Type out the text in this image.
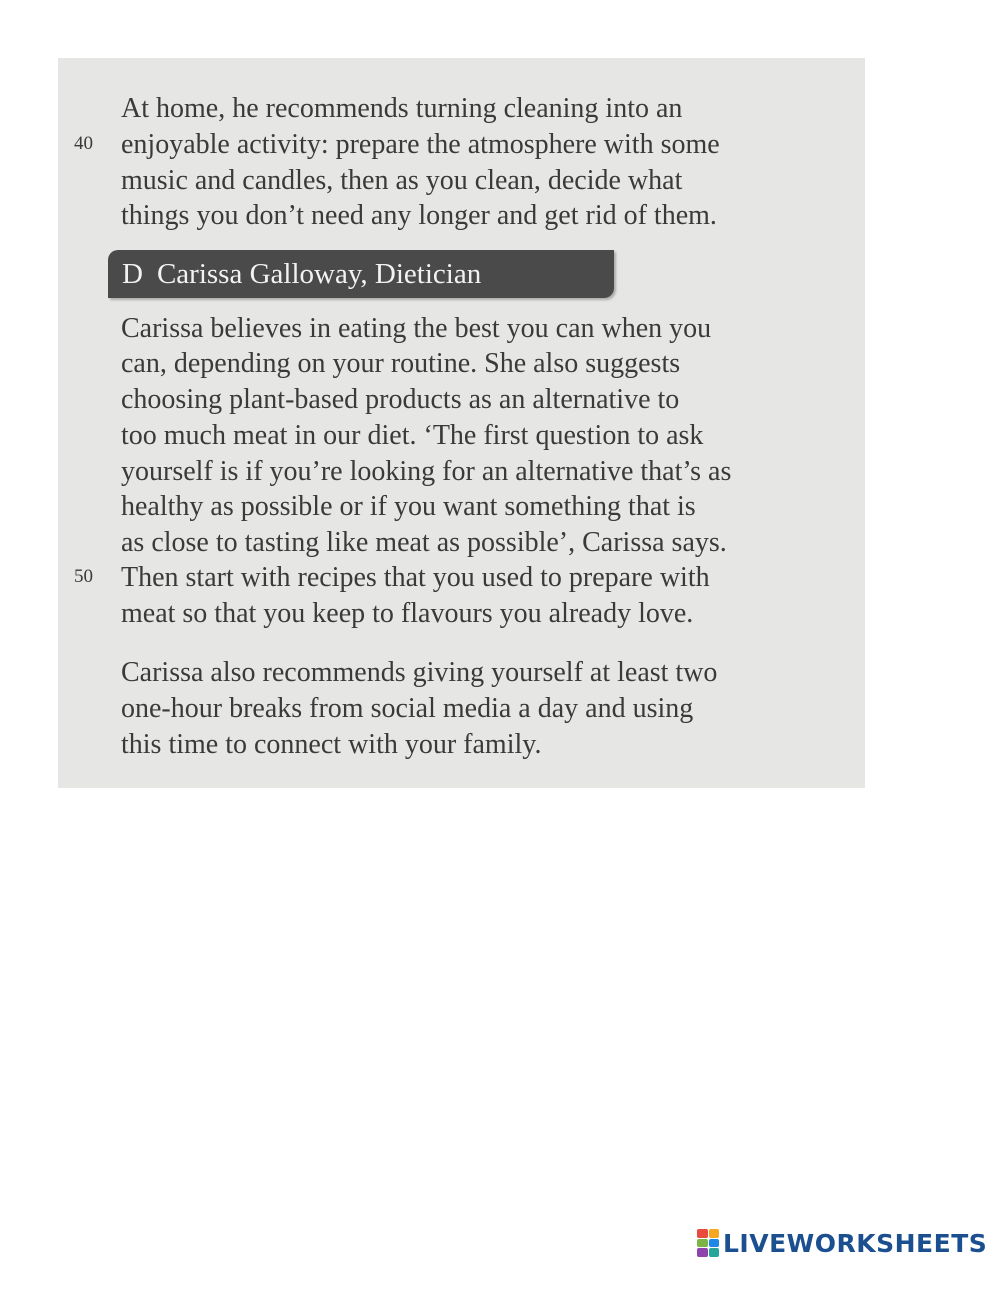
At home, he recommends turning cleaning into an
40 enjoyable activity: prepare the atmosphere with some
music and candles, then as you clean, decide what
things you don’t need any longer and get rid of them.
D Carissa Galloway, Dietician
Carissa believes in eating the best you can when you
can, depending on your routine. She also suggests
choosing plant-based products as an alternative to
too much meat in our diet. ‘The first question to ask
yourself is if you’re looking for an alternative that’s as
healthy as possible or if you want something that is
as close to tasting like meat as possible’, Carissa says.
50 Then start with recipes that you used to prepare with
meat so that you keep to flavours you already love.
Carissa also recommends giving yourself at least two
one-hour breaks from social media a day and using
this time to connect with your family.
LIVEWORKSHEETS
